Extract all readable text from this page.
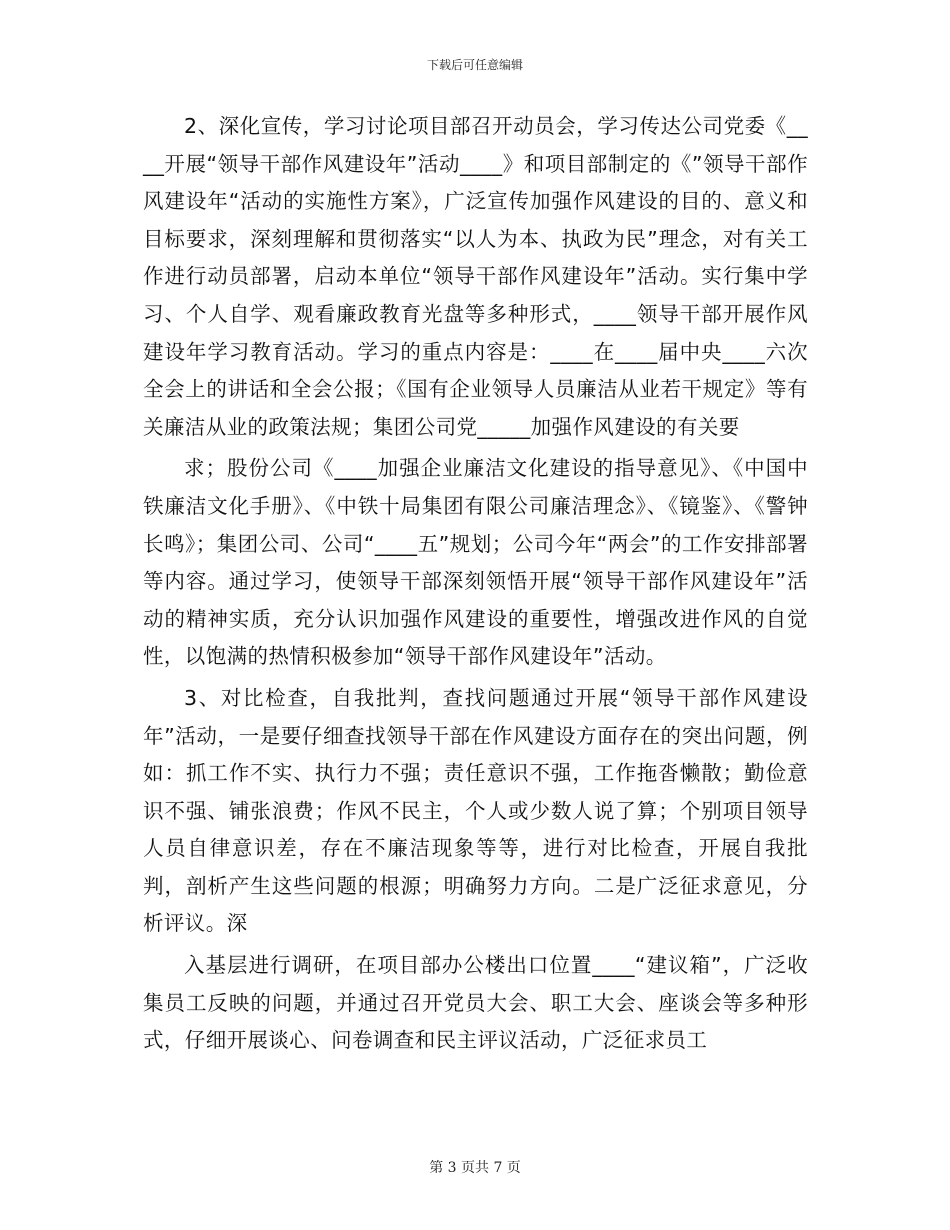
下载后可任意编辑

2、深化宣传，学习讨论项目部召开动员会，学习传达公司党委《____开展“领导干部作风建设年”活动____》和项目部制定的《”领导干部作风建设年“活动的实施性方案》，广泛宣传加强作风建设的目的、意义和目标要求，深刻理解和贯彻落实“以人为本、执政为民”理念，对有关工作进行动员部署，启动本单位“领导干部作风建设年”活动。实行集中学习、个人自学、观看廉政教育光盘等多种形式，____领导干部开展作风建设年学习教育活动。学习的重点内容是：____在____届中央____六次全会上的讲话和全会公报；《国有企业领导人员廉洁从业若干规定》等有关廉洁从业的政策法规；集团公司党_____加强作风建设的有关要

求；股份公司《____加强企业廉洁文化建设的指导意见》、《中国中铁廉洁文化手册》、《中铁十局集团有限公司廉洁理念》、《镜鉴》、《警钟长鸣》；集团公司、公司“____五”规划；公司今年“两会”的工作安排部署等内容。通过学习，使领导干部深刻领悟开展“领导干部作风建设年”活动的精神实质，充分认识加强作风建设的重要性，增强改进作风的自觉性，以饱满的热情积极参加“领导干部作风建设年”活动。

3、对比检查，自我批判，查找问题通过开展“领导干部作风建设年”活动，一是要仔细查找领导干部在作风建设方面存在的突出问题，例如：抓工作不实、执行力不强；责任意识不强，工作拖沓懒散；勤俭意识不强、铺张浪费；作风不民主，个人或少数人说了算；个别项目领导人员自律意识差，存在不廉洁现象等等，进行对比检查，开展自我批判，剖析产生这些问题的根源；明确努力方向。二是广泛征求意见，分析评议。深

入基层进行调研，在项目部办公楼出口位置____“建议箱”，广泛收集员工反映的问题，并通过召开党员大会、职工大会、座谈会等多种形式，仔细开展谈心、问卷调查和民主评议活动，广泛征求员工

第 3 页共 7 页
